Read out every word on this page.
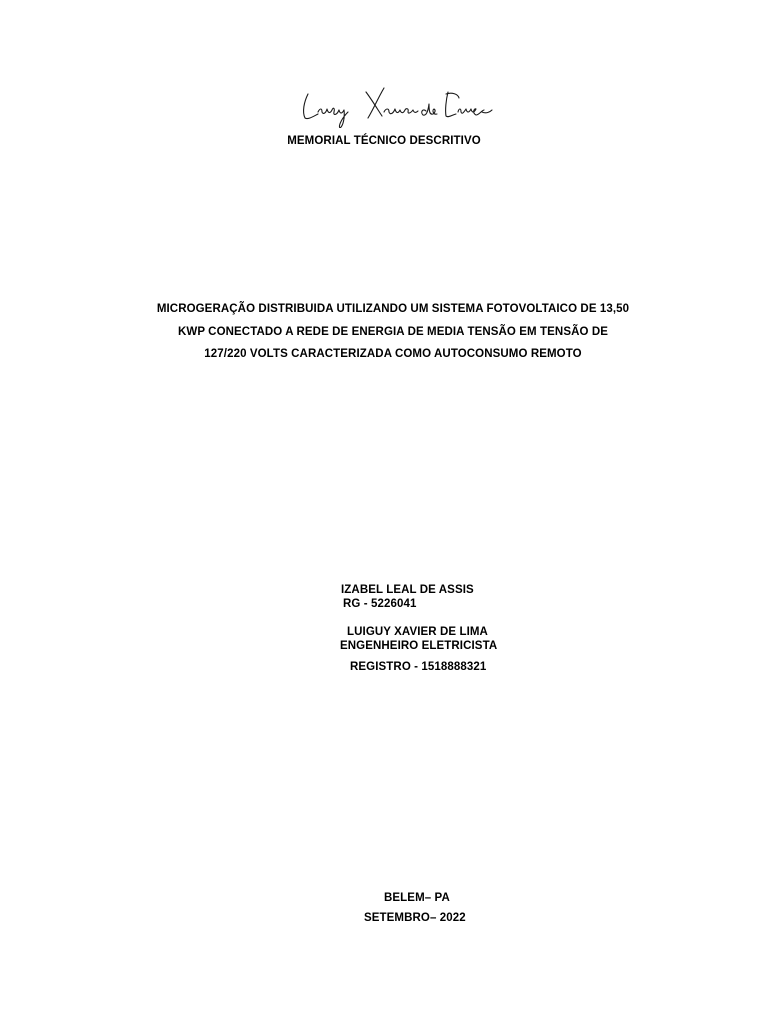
MEMORIAL TÉCNICO DESCRITIVO
MICROGERAÇÃO DISTRIBUIDA UTILIZANDO UM SISTEMA FOTOVOLTAICO DE 13,50
KWP CONECTADO A REDE DE ENERGIA DE MEDIA TENSÃO EM TENSÃO DE
127/220 VOLTS CARACTERIZADA COMO AUTOCONSUMO REMOTO
IZABEL LEAL DE ASSIS
RG - 5226041
LUIGUY XAVIER DE LIMA
ENGENHEIRO ELETRICISTA
REGISTRO - 1518888321
BELEM– PA
SETEMBRO– 2022
